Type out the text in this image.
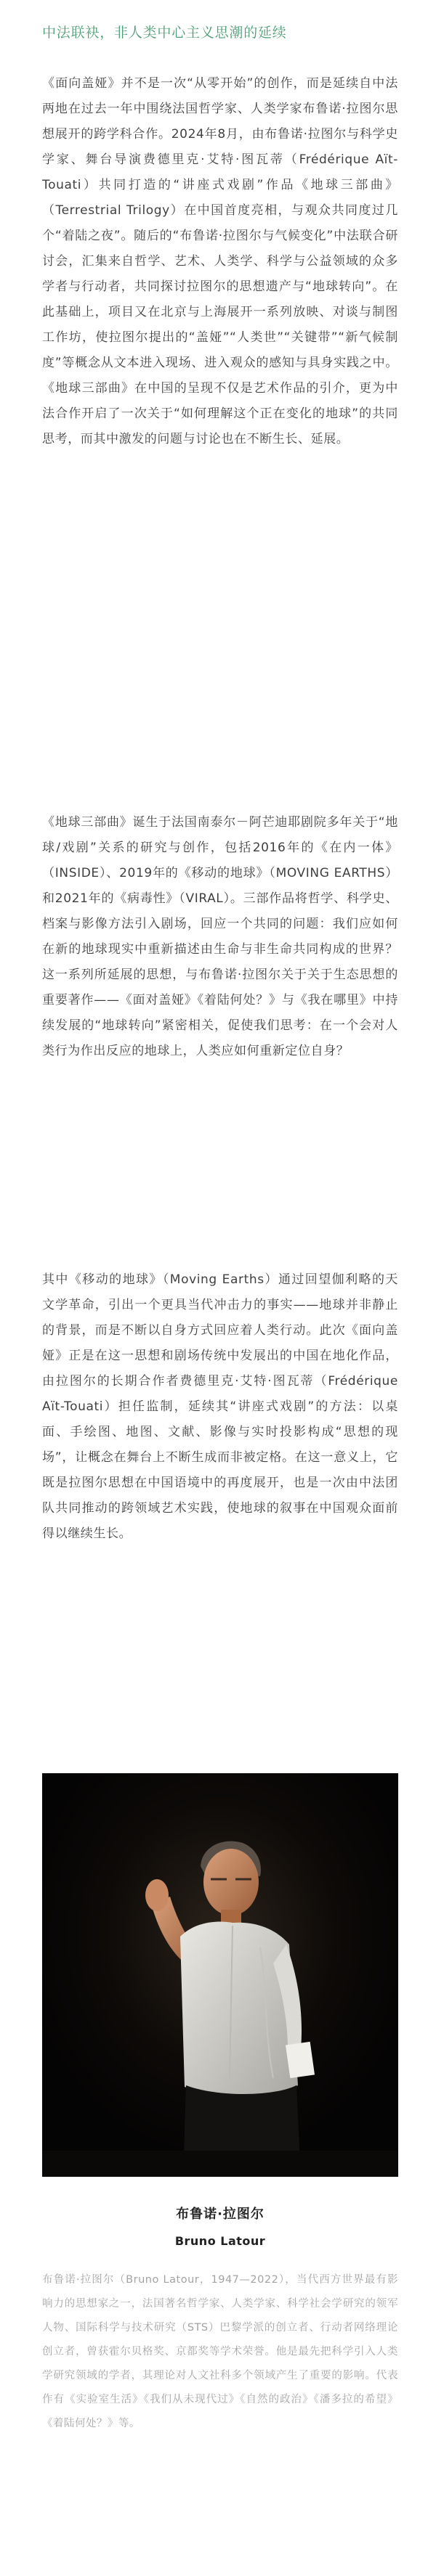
中法联袂，非人类中心主义思潮的延续

《面向盖娅》并不是一次“从零开始”的创作，而是延续自中法两地在过去一年中围绕法国哲学家、人类学家布鲁诺·拉图尔思想展开的跨学科合作。2024年8月，由布鲁诺·拉图尔与科学史学家、舞台导演费德里克·艾特·图瓦蒂（Frédérique Aït-Touati）共同打造的“讲座式戏剧”作品《地球三部曲》（Terrestrial Trilogy）在中国首度亮相，与观众共同度过几个“着陆之夜”。随后的“布鲁诺·拉图尔与气候变化”中法联合研讨会，汇集来自哲学、艺术、人类学、科学与公益领域的众多学者与行动者，共同探讨拉图尔的思想遗产与“地球转向”。在此基础上，项目又在北京与上海展开一系列放映、对谈与制图工作坊，使拉图尔提出的“盖娅”“人类世”“关键带”“新气候制度”等概念从文本进入现场、进入观众的感知与具身实践之中。《地球三部曲》在中国的呈现不仅是艺术作品的引介，更为中法合作开启了一次关于“如何理解这个正在变化的地球”的共同思考，而其中激发的问题与讨论也在不断生长、延展。

《地球三部曲》诞生于法国南泰尔－阿芒迪耶剧院多年关于“地球/戏剧”关系的研究与创作，包括2016年的《在内一体》（INSIDE）、2019年的《移动的地球》（MOVING EARTHS）和2021年的《病毒性》（VIRAL）。三部作品将哲学、科学史、档案与影像方法引入剧场，回应一个共同的问题：我们应如何在新的地球现实中重新描述由生命与非生命共同构成的世界？这一系列所延展的思想，与布鲁诺·拉图尔关于关于生态思想的重要著作——《面对盖娅》《着陆何处？》与《我在哪里》中持续发展的“地球转向”紧密相关，促使我们思考：在一个会对人类行为作出反应的地球上，人类应如何重新定位自身？

其中《移动的地球》（Moving Earths）通过回望伽利略的天文学革命，引出一个更具当代冲击力的事实——地球并非静止的背景，而是不断以自身方式回应着人类行动。此次《面向盖娅》正是在这一思想和剧场传统中发展出的中国在地化作品，由拉图尔的长期合作者费德里克·艾特·图瓦蒂（Frédérique Aït-Touati）担任监制，延续其“讲座式戏剧”的方法：以桌面、手绘图、地图、文献、影像与实时投影构成“思想的现场”，让概念在舞台上不断生成而非被定格。在这一意义上，它既是拉图尔思想在中国语境中的再度展开，也是一次由中法团队共同推动的跨领域艺术实践，使地球的叙事在中国观众面前得以继续生长。

布鲁诺·拉图尔

Bruno Latour

布鲁诺·拉图尔（Bruno Latour，1947—2022），当代西方世界最有影响力的思想家之一，法国著名哲学家、人类学家、科学社会学研究的领军人物、国际科学与技术研究（STS）巴黎学派的创立者、行动者网络理论创立者，曾获霍尔贝格奖、京都奖等学术荣誉。他是最先把科学引入人类学研究领域的学者，其理论对人文社科多个领域产生了重要的影响。代表作有《实验室生活》《我们从未现代过》《自然的政治》《潘多拉的希望》《着陆何处？》等。
